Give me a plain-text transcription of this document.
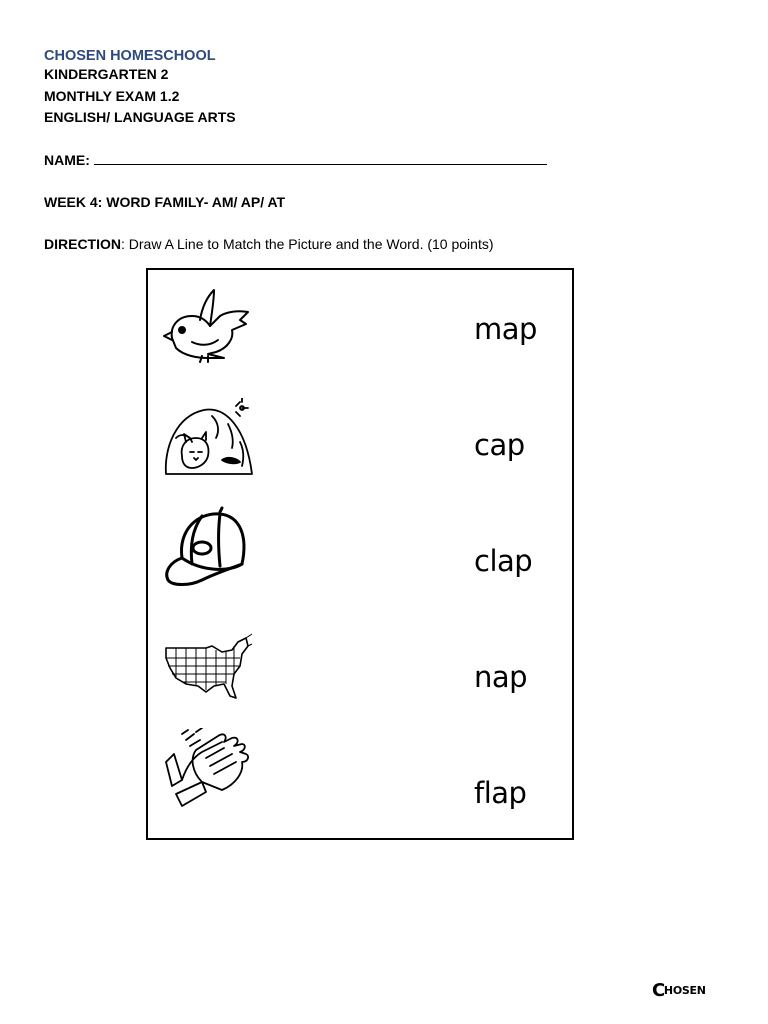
CHOSEN HOMESCHOOL
KINDERGARTEN 2
MONTHLY EXAM 1.2
ENGLISH/ LANGUAGE ARTS
NAME:
WEEK 4: WORD FAMILY- AM/ AP/ AT
DIRECTION: Draw A Line to Match the Picture and the Word. (10 points)
map
cap
clap
nap
flap
C HOSEN
